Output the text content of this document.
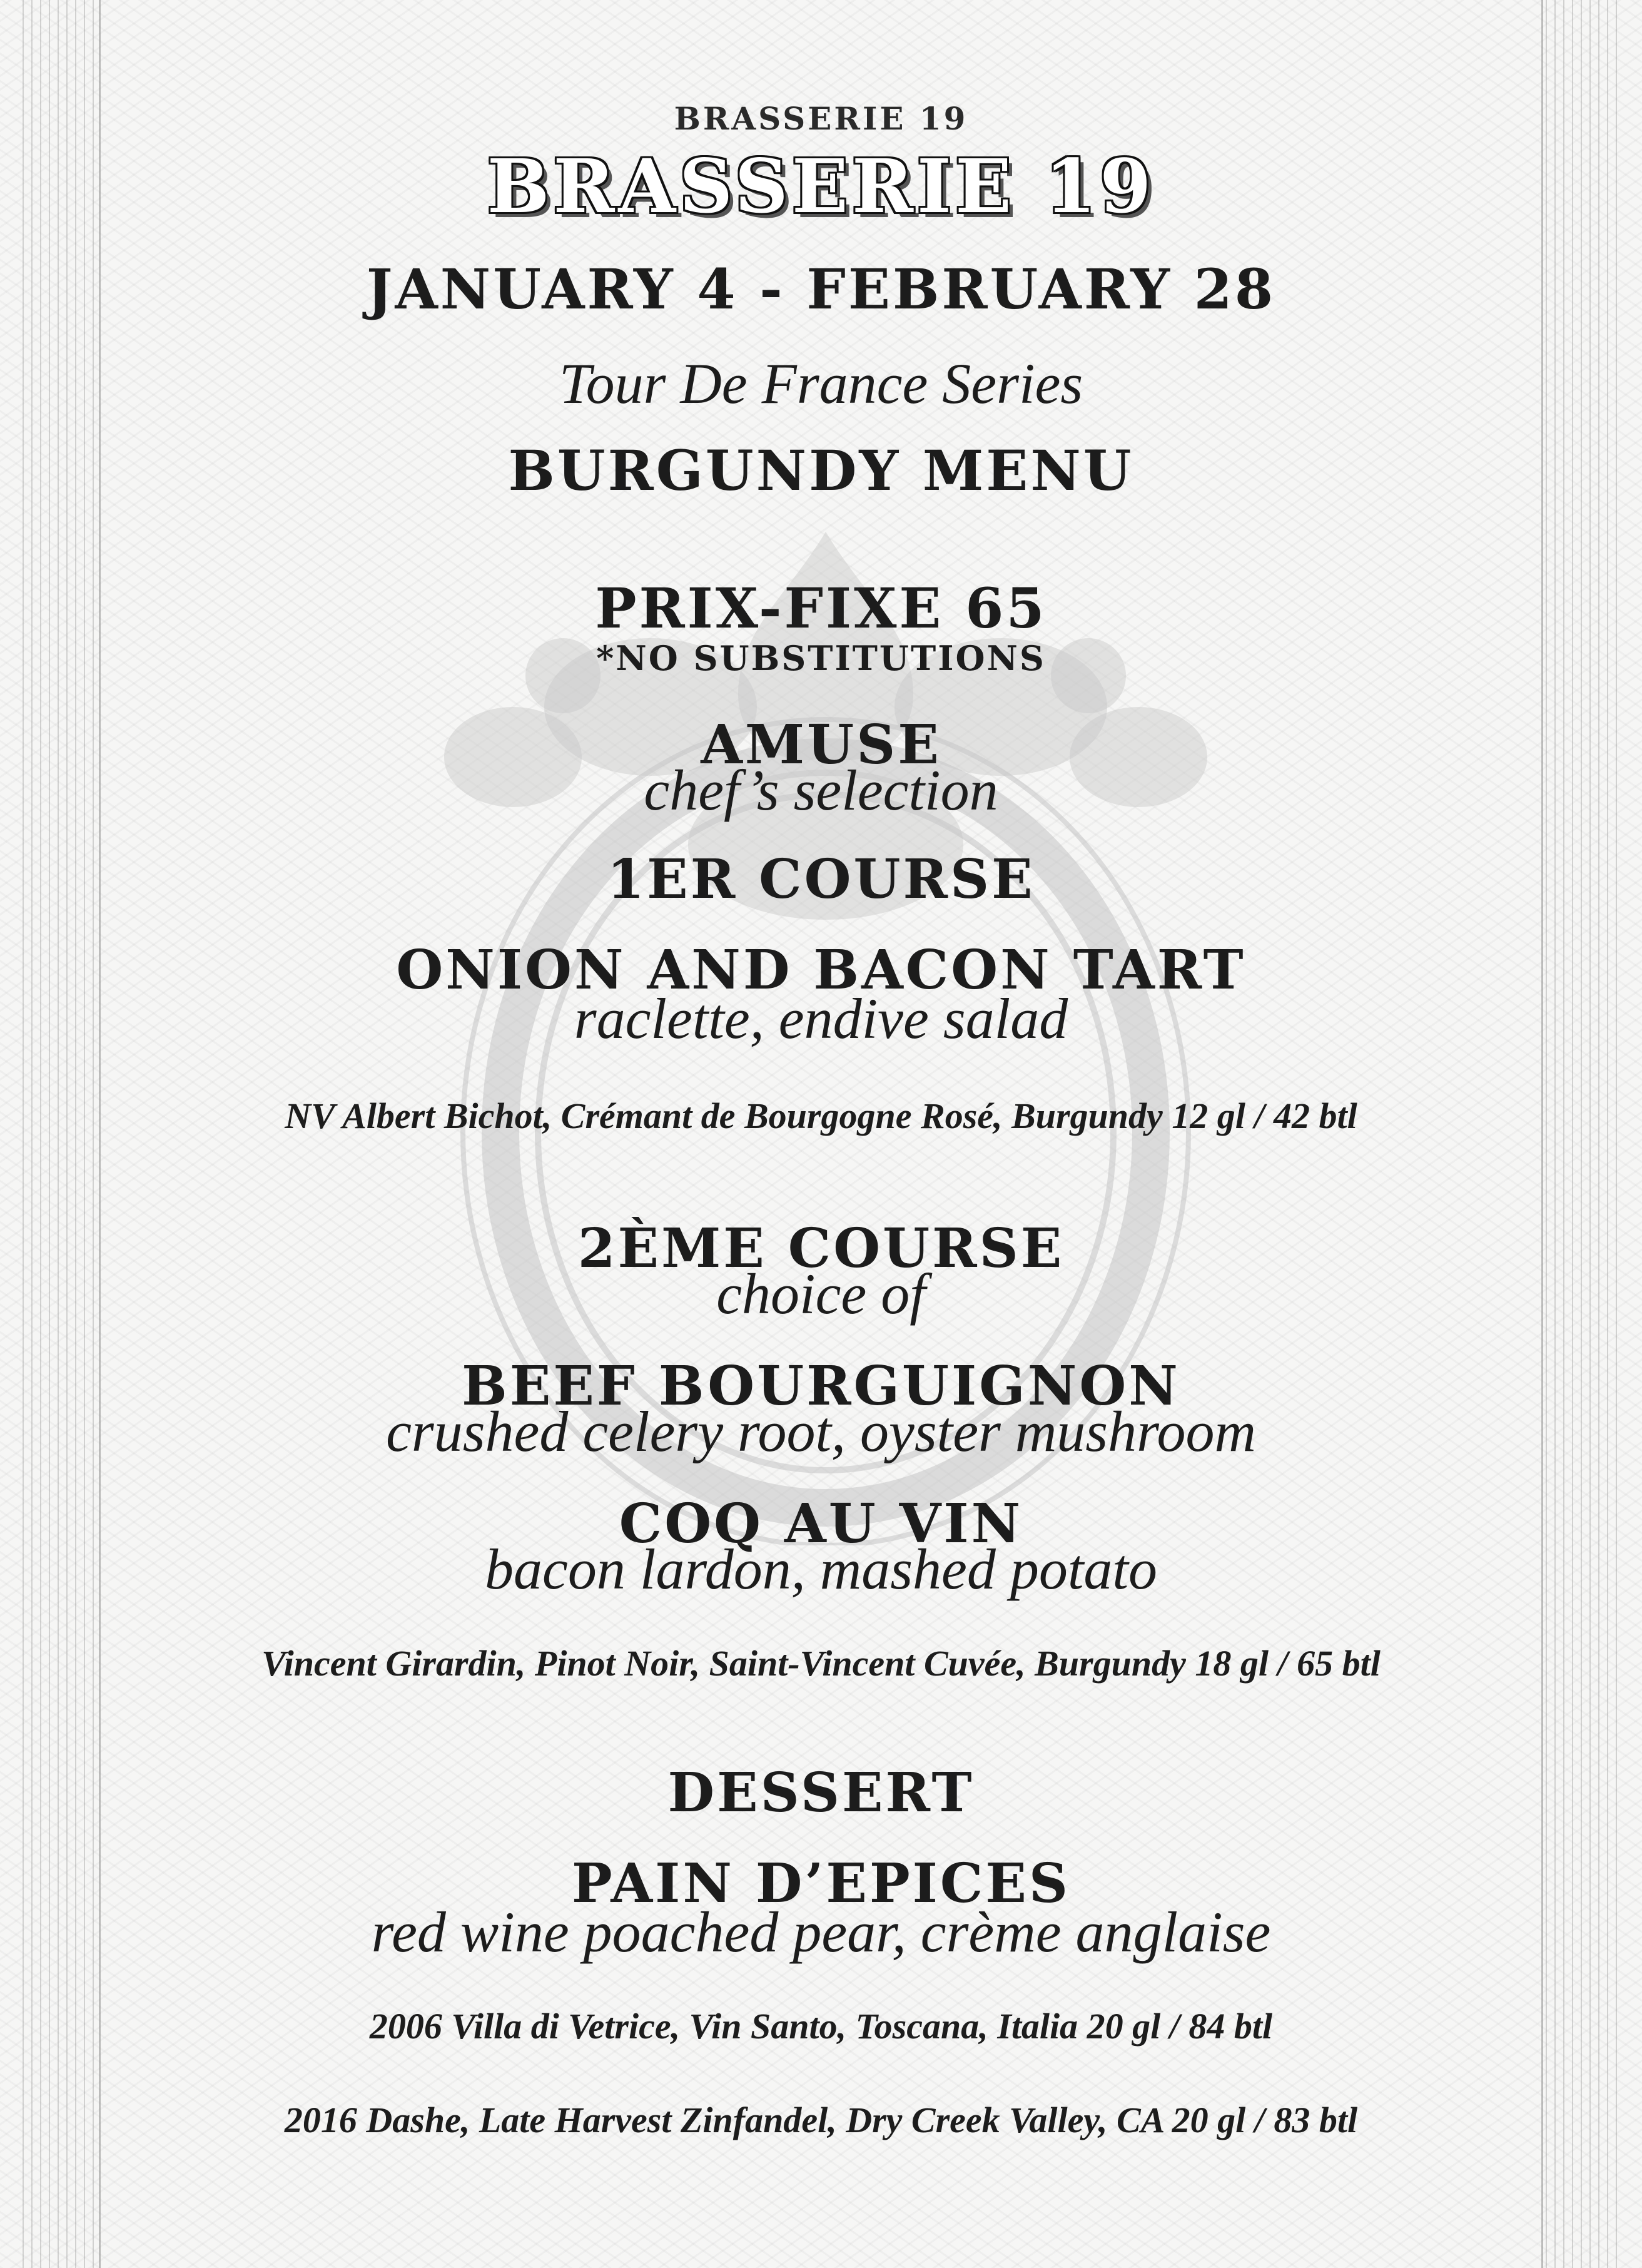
BRASSERIE 19
BRASSERIE 19
JANUARY 4 - FEBRUARY 28
Tour De France Series
BURGUNDY MENU
PRIX-FIXE 65
*NO SUBSTITUTIONS
AMUSE
chef’s selection
1ER COURSE
ONION AND BACON TART
raclette, endive salad
NV Albert Bichot, Crémant de Bourgogne Rosé, Burgundy 12 gl / 42 btl
2ÈME COURSE
choice of
BEEF BOURGUIGNON
crushed celery root, oyster mushroom
COQ AU VIN
bacon lardon, mashed potato
Vincent Girardin, Pinot Noir, Saint-Vincent Cuvée, Burgundy 18 gl / 65 btl
DESSERT
PAIN D’EPICES
red wine poached pear, crème anglaise
2006 Villa di Vetrice, Vin Santo, Toscana, Italia 20 gl / 84 btl
2016 Dashe, Late Harvest Zinfandel, Dry Creek Valley, CA 20 gl / 83 btl
